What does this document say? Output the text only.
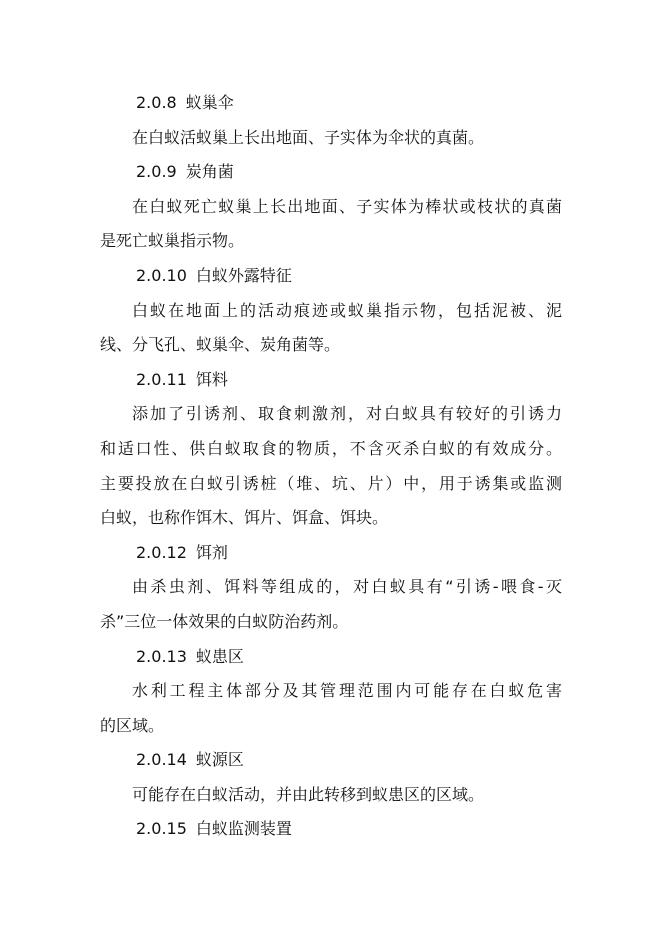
2.0.8 蚁巢伞
在白蚁活蚁巢上长出地面、子实体为伞状的真菌。
2.0.9 炭角菌
在白蚁死亡蚁巢上长出地面、子实体为棒状或枝状的真菌
是死亡蚁巢指示物。
2.0.10 白蚁外露特征
白蚁在地面上的活动痕迹或蚁巢指示物，包括泥被、泥
线、分飞孔、蚁巢伞、炭角菌等。
2.0.11 饵料
添加了引诱剂、取食刺激剂，对白蚁具有较好的引诱力
和适口性、供白蚁取食的物质，不含灭杀白蚁的有效成分。
主要投放在白蚁引诱桩（堆、坑、片）中，用于诱集或监测
白蚁，也称作饵木、饵片、饵盒、饵块。
2.0.12 饵剂
由杀虫剂、饵料等组成的，对白蚁具有“引诱-喂食-灭
杀”三位一体效果的白蚁防治药剂。
2.0.13 蚁患区
水利工程主体部分及其管理范围内可能存在白蚁危害
的区域。
2.0.14 蚁源区
可能存在白蚁活动，并由此转移到蚁患区的区域。
2.0.15 白蚁监测装置
